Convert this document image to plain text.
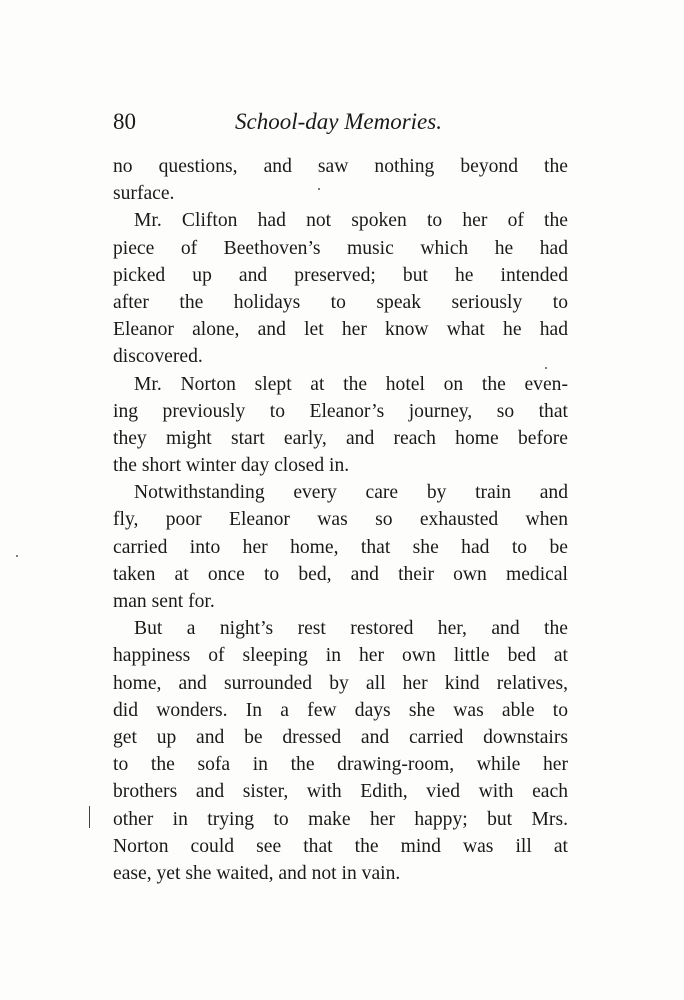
80	School-day Memories.
no questions, and saw nothing beyond the
surface.
Mr. Clifton had not spoken to her of the
piece of Beethoven’s music which he had
picked up and preserved; but he intended
after the holidays to speak seriously to
Eleanor alone, and let her know what he had
discovered.
Mr. Norton slept at the hotel on the even-
ing previously to Eleanor’s journey, so that
they might start early, and reach home before
the short winter day closed in.
Notwithstanding every care by train and
fly, poor Eleanor was so exhausted when
carried into her home, that she had to be
taken at once to bed, and their own medical
man sent for.
But a night’s rest restored her, and the
happiness of sleeping in her own little bed at
home, and surrounded by all her kind relatives,
did wonders. In a few days she was able to
get up and be dressed and carried downstairs
to the sofa in the drawing-room, while her
brothers and sister, with Edith, vied with each
other in trying to make her happy; but Mrs.
Norton could see that the mind was ill at
ease, yet she waited, and not in vain.
